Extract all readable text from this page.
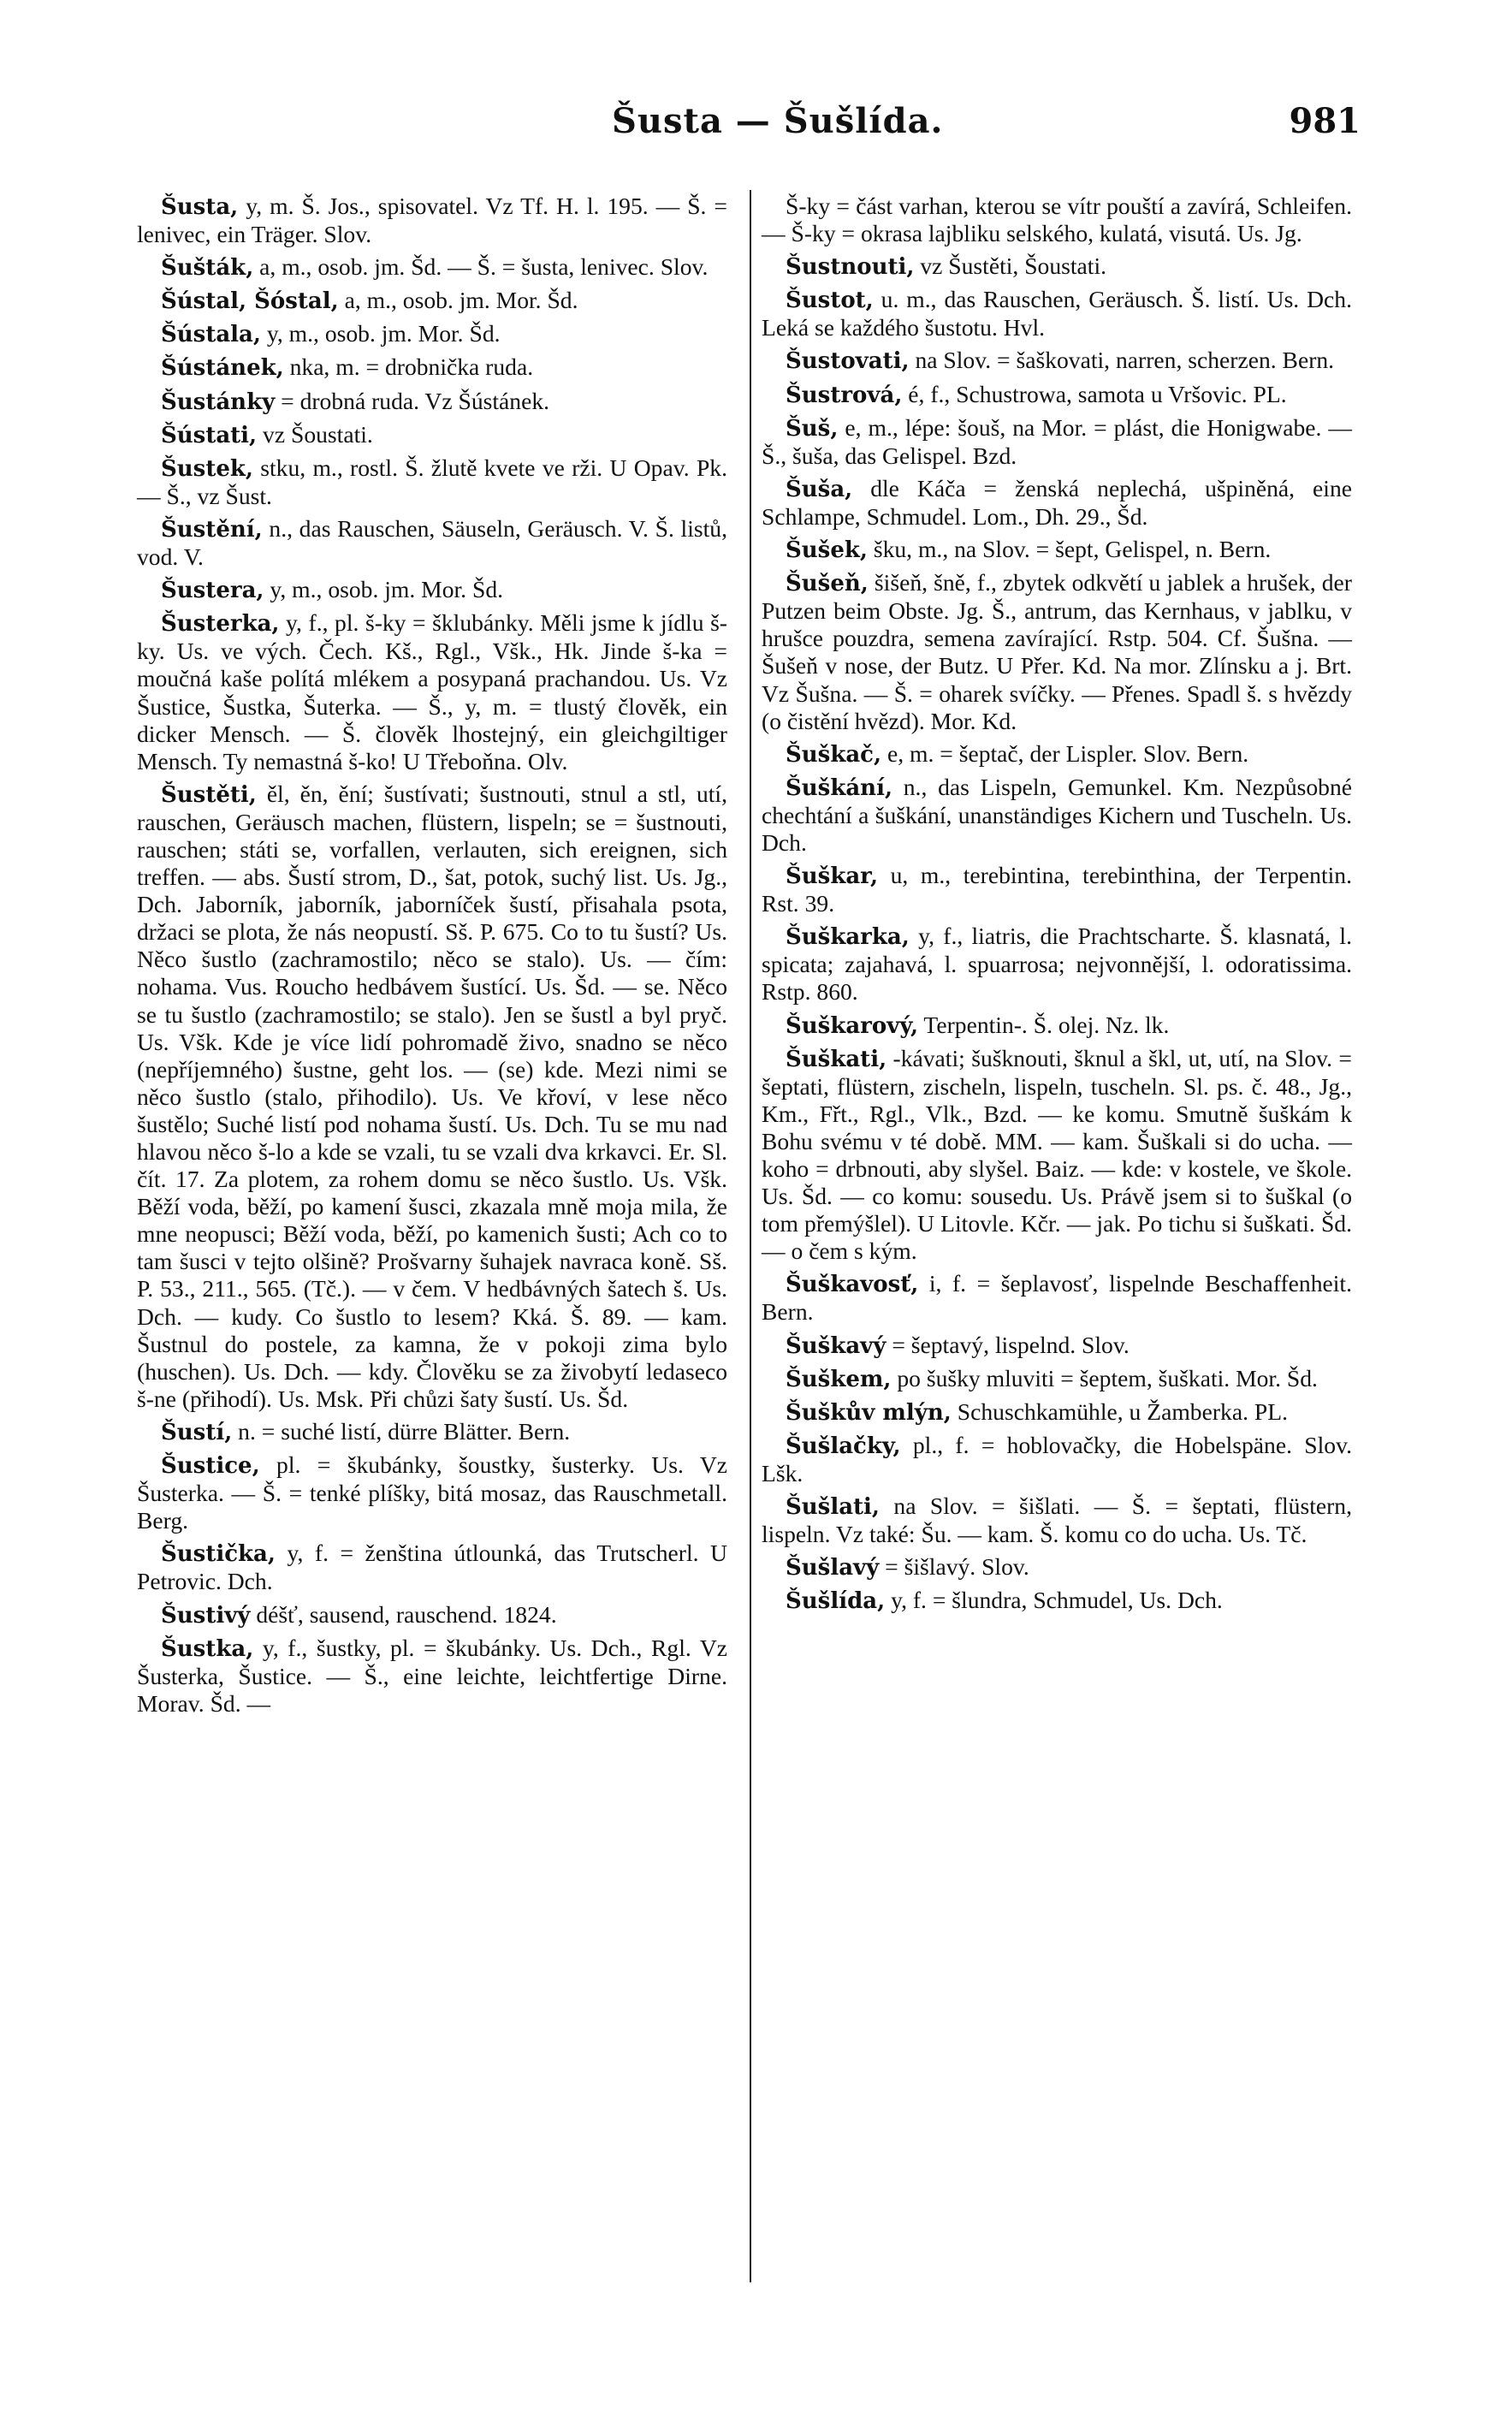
Šusta — Šušlída.	981

Šusta, y, m. Š. Jos., spisovatel. Vz Tf. H. l. 195. — Š. = lenivec, ein Träger. Slov.

Šušták, a, m., osob. jm. Šd. — Š. = šusta, lenivec. Slov.

Šústal, Šóstal, a, m., osob. jm. Mor. Šd.

Šústala, y, m., osob. jm. Mor. Šd.

Šústánek, nka, m. = drobnička ruda.

Šustánky = drobná ruda. Vz Šústánek.

Šústati, vz Šoustati.

Šustek, stku, m., rostl. Š. žlutě kvete ve rži. U Opav. Pk. — Š., vz Šust.

Šustění, n., das Rauschen, Säuseln, Geräusch. V. Š. listů, vod. V.

Šustera, y, m., osob. jm. Mor. Šd.

Šusterka, y, f., pl. š-ky = šklubánky. Měli jsme k jídlu š-ky. Us. ve vých. Čech. Kš., Rgl., Všk., Hk. Jinde š-ka = moučná kaše polítá mlékem a posypaná prachandou. Us. Vz Šustice, Šustka, Šuterka. — Š., y, m. = tlustý člověk, ein dicker Mensch. — Š. člověk lhostejný, ein gleichgiltiger Mensch. Ty nemastná š-ko! U Třeboňna. Olv.

Šustěti, ěl, ěn, ění; šustívati; šustnouti, stnul a stl, utí, rauschen, Geräusch machen, flüstern, lispeln; se = šustnouti, rauschen; státi se, vorfallen, verlauten, sich ereignen, sich treffen. — abs. Šustí strom, D., šat, potok, suchý list. Us. Jg., Dch. Jaborník, jaborník, jaborníček šustí, přisahala psota, držaci se plota, že nás neopustí. Sš. P. 675. Co to tu šustí? Us. Něco šustlo (zachramostilo; něco se stalo). Us. — čím: nohama. Vus. Roucho hedbávem šustící. Us. Šd. — se. Něco se tu šustlo (zachramostilo; se stalo). Jen se šustl a byl pryč. Us. Všk. Kde je více lidí pohromadě živo, snadno se něco (nepříjemného) šustne, geht los. — (se) kde. Mezi nimi se něco šustlo (stalo, přihodilo). Us. Ve křoví, v lese něco šustělo; Suché listí pod nohama šustí. Us. Dch. Tu se mu nad hlavou něco š-lo a kde se vzali, tu se vzali dva krkavci. Er. Sl. čít. 17. Za plotem, za rohem domu se něco šustlo. Us. Všk. Běží voda, běží, po kamení šusci, zkazala mně moja mila, že mne neopusci; Běží voda, běží, po kamenich šusti; Ach co to tam šusci v tejto olšině? Prošvarny šuhajek navraca koně. Sš. P. 53., 211., 565. (Tč.). — v čem. V hedbávných šatech š. Us. Dch. — kudy. Co šustlo to lesem? Kká. Š. 89. — kam. Šustnul do postele, za kamna, že v pokoji zima bylo (huschen). Us. Dch. — kdy. Člověku se za živobytí ledaseco š-ne (přihodí). Us. Msk. Při chůzi šaty šustí. Us. Šd.

Šustí, n. = suché listí, dürre Blätter. Bern.

Šustice, pl. = škubánky, šoustky, šusterky. Us. Vz Šusterka. — Š. = tenké plíšky, bitá mosaz, das Rauschmetall. Berg.

Šustička, y, f. = ženština útlounká, das Trutscherl. U Petrovic. Dch.

Šustivý déšť, sausend, rauschend. 1824.

Šustka, y, f., šustky, pl. = škubánky. Us. Dch., Rgl. Vz Šusterka, Šustice. — Š., eine leichte, leichtfertige Dirne. Morav. Šd. —

Š-ky = část varhan, kterou se vítr pouští a zavírá, Schleifen. — Š-ky = okrasa lajbliku selského, kulatá, visutá. Us. Jg.

Šustnouti, vz Šustěti, Šoustati.

Šustot, u. m., das Rauschen, Geräusch. Š. listí. Us. Dch. Leká se každého šustotu. Hvl.

Šustovati, na Slov. = šaškovati, narren, scherzen. Bern.

Šustrová, é, f., Schustrowa, samota u Vršovic. PL.

Šuš, e, m., lépe: šouš, na Mor. = plást, die Honigwabe. — Š., šuša, das Gelispel. Bzd.

Šuša, dle Káča = ženská neplechá, ušpiněná, eine Schlampe, Schmudel. Lom., Dh. 29., Šd.

Šušek, šku, m., na Slov. = šept, Gelispel, n. Bern.

Šušeň, šišeň, šně, f., zbytek odkvětí u jablek a hrušek, der Putzen beim Obste. Jg. Š., antrum, das Kernhaus, v jablku, v hrušce pouzdra, semena zavírající. Rstp. 504. Cf. Šušna. — Šušeň v nose, der Butz. U Přer. Kd. Na mor. Zlínsku a j. Brt. Vz Šušna. — Š. = oharek svíčky. — Přenes. Spadl š. s hvězdy (o čistění hvězd). Mor. Kd.

Šuškač, e, m. = šeptač, der Lispler. Slov. Bern.

Šuškání, n., das Lispeln, Gemunkel. Km. Nezpůsobné chechtání a šuškání, unanständiges Kichern und Tuscheln. Us. Dch.

Šuškar, u, m., terebintina, terebinthina, der Terpentin. Rst. 39.

Šuškarka, y, f., liatris, die Prachtscharte. Š. klasnatá, l. spicata; zajahavá, l. spuarrosa; nejvonnější, l. odoratissima. Rstp. 860.

Šuškarový, Terpentin-. Š. olej. Nz. lk.

Šuškati, -kávati; šušknouti, šknul a škl, ut, utí, na Slov. = šeptati, flüstern, zischeln, lispeln, tuscheln. Sl. ps. č. 48., Jg., Km., Fřt., Rgl., Vlk., Bzd. — ke komu. Smutně šuškám k Bohu svému v té době. MM. — kam. Šuškali si do ucha. — koho = drbnouti, aby slyšel. Baiz. — kde: v kostele, ve škole. Us. Šd. — co komu: sousedu. Us. Právě jsem si to šuškal (o tom přemýšlel). U Litovle. Kčr. — jak. Po tichu si šuškati. Šd. — o čem s kým.

Šuškavosť, i, f. = šeplavosť, lispelnde Beschaffenheit. Bern.

Šuškavý = šeptavý, lispelnd. Slov.

Šuškem, po šušky mluviti = šeptem, šuškati. Mor. Šd.

Šuškův mlýn, Schuschkamühle, u Žamberka. PL.

Šušlačky, pl., f. = hoblovačky, die Hobelspäne. Slov. Lšk.

Šušlati, na Slov. = šišlati. — Š. = šeptati, flüstern, lispeln. Vz také: Šu. — kam. Š. komu co do ucha. Us. Tč.

Šušlavý = šišlavý. Slov.

Šušlída, y, f. = šlundra, Schmudel, Us. Dch.
